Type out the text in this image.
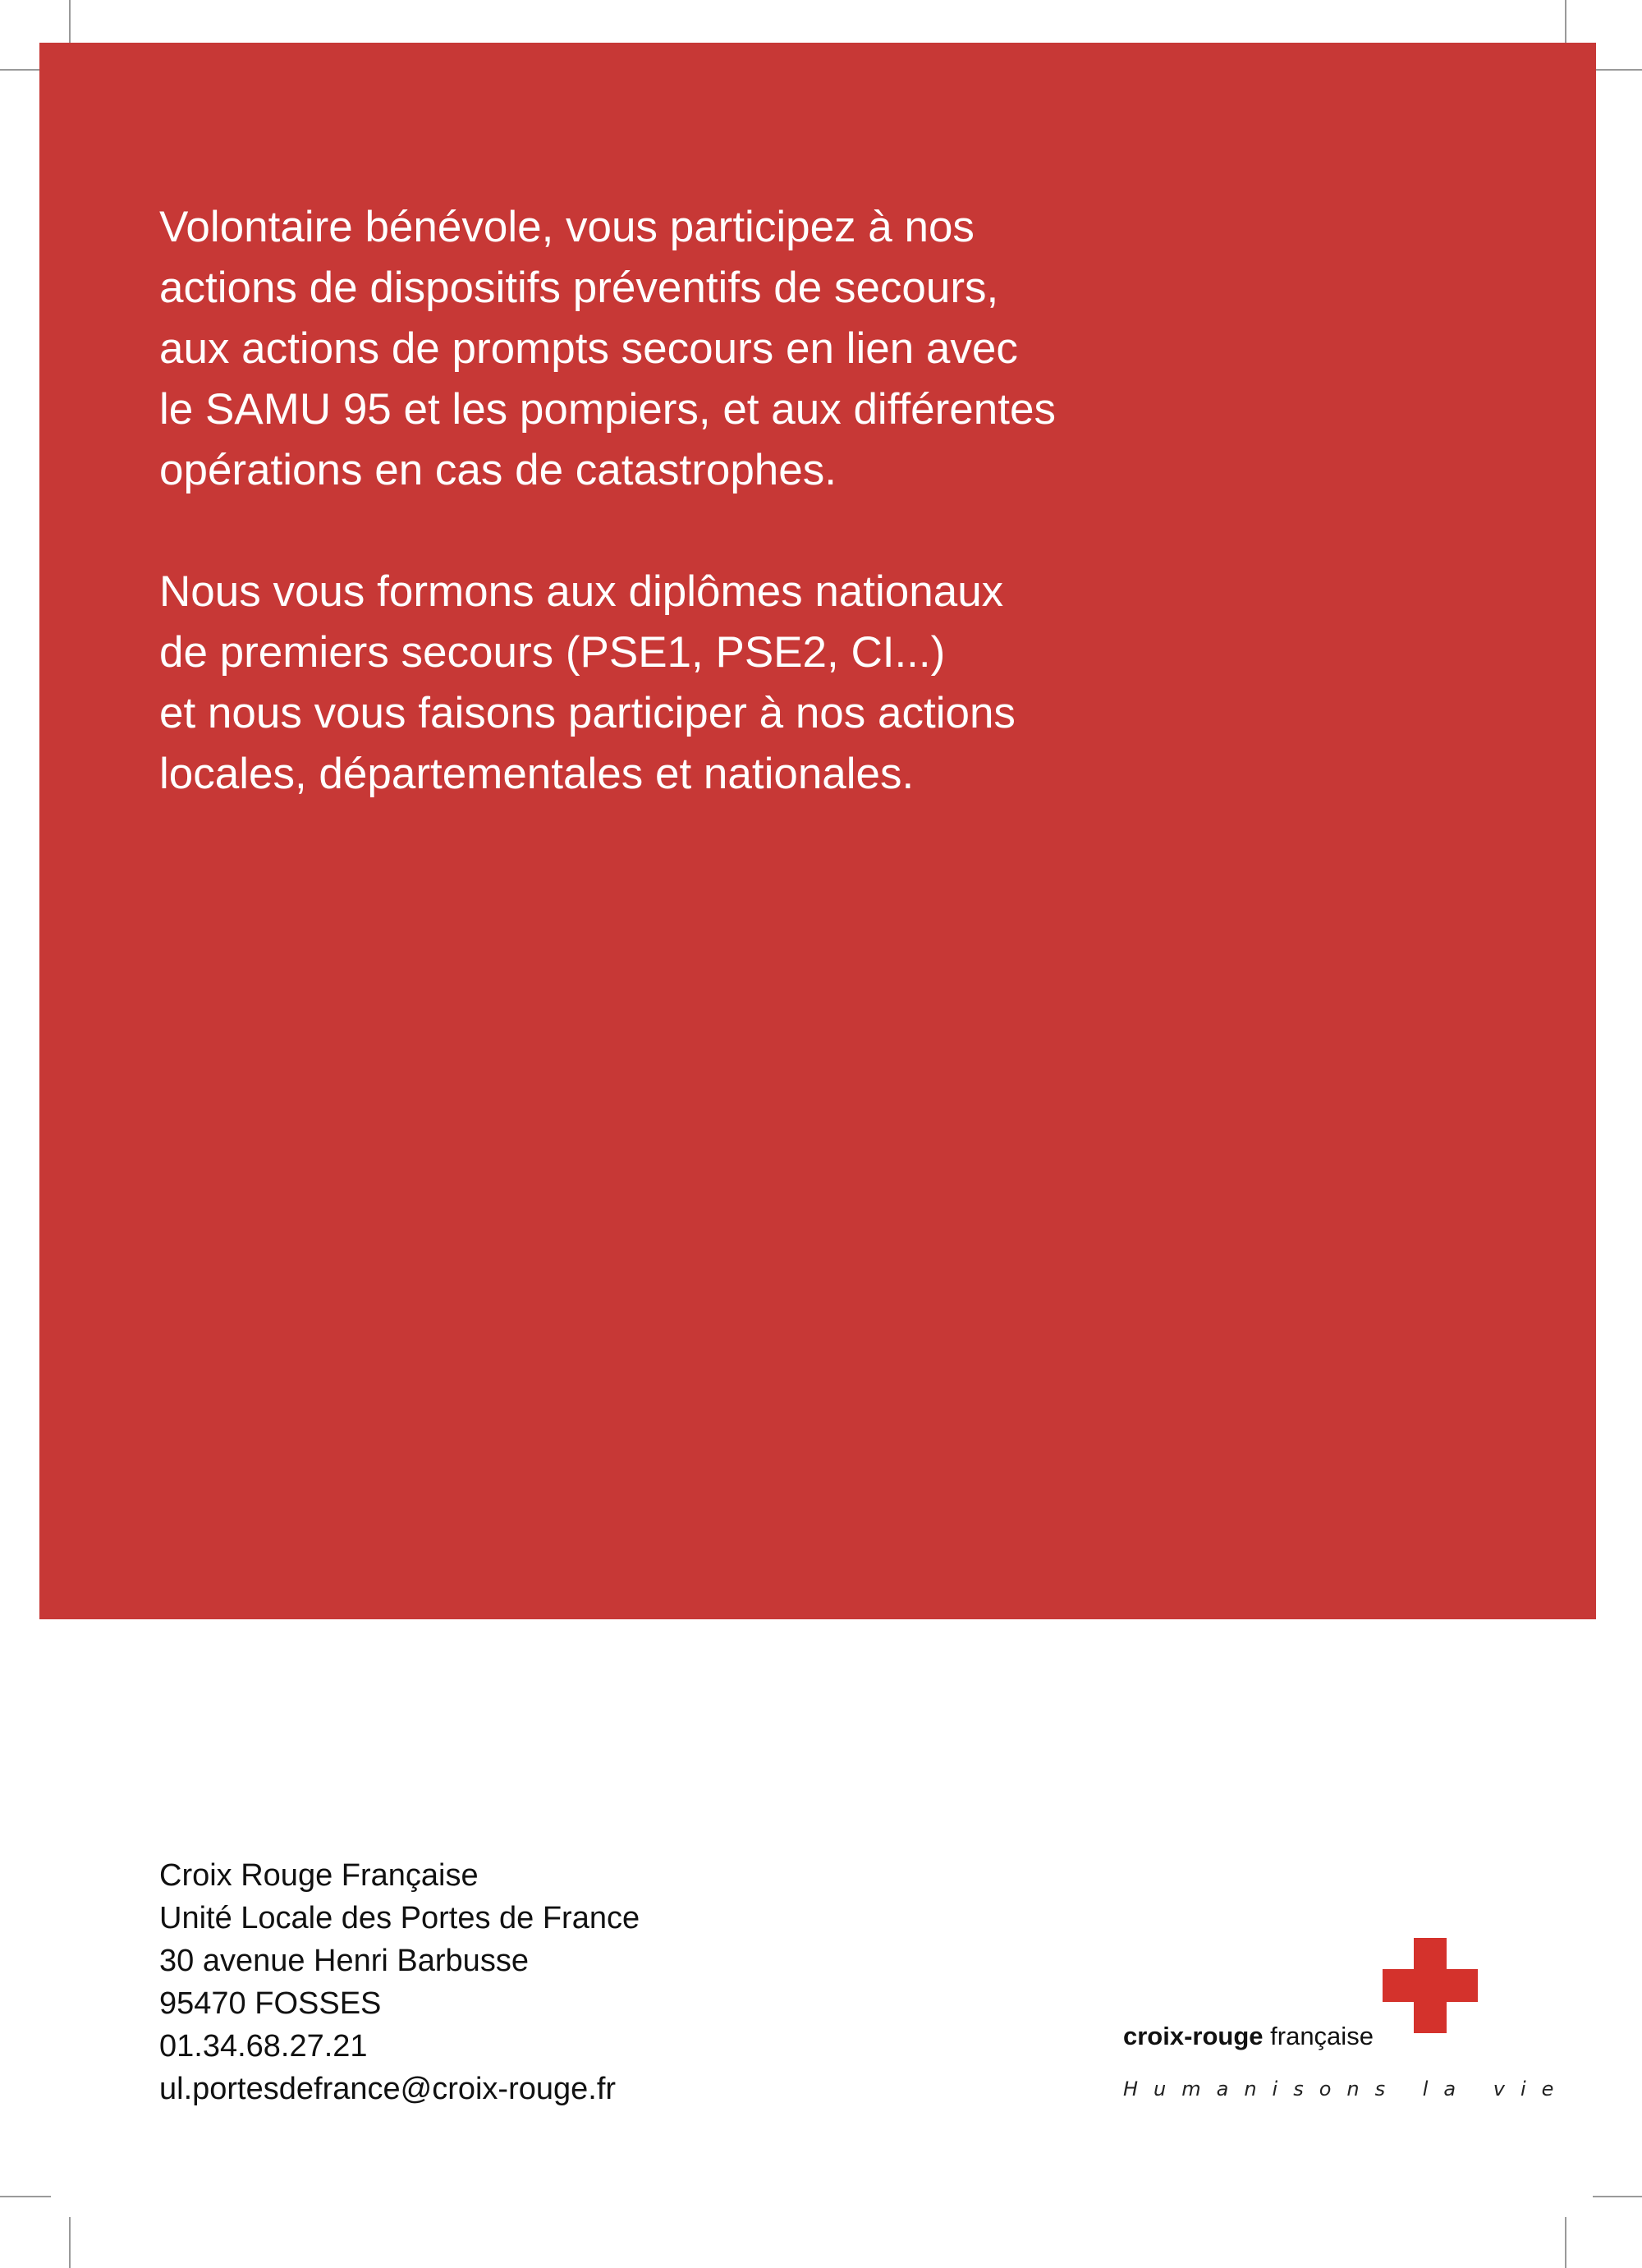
Volontaire bénévole, vous participez à nos
actions de dispositifs préventifs de secours,
aux actions de prompts secours en lien avec
le SAMU 95 et les pompiers, et aux différentes
opérations en cas de catastrophes.
Nous vous formons aux diplômes nationaux
de premiers secours (PSE1, PSE2, CI...)
et nous vous faisons participer à nos actions
locales, départementales et nationales.
Croix Rouge Française
Unité Locale des Portes de France
30 avenue Henri Barbusse
95470 FOSSES
01.34.68.27.21
ul.portesdefrance@croix-rouge.fr
croix-rouge française
Humanisons la vie
